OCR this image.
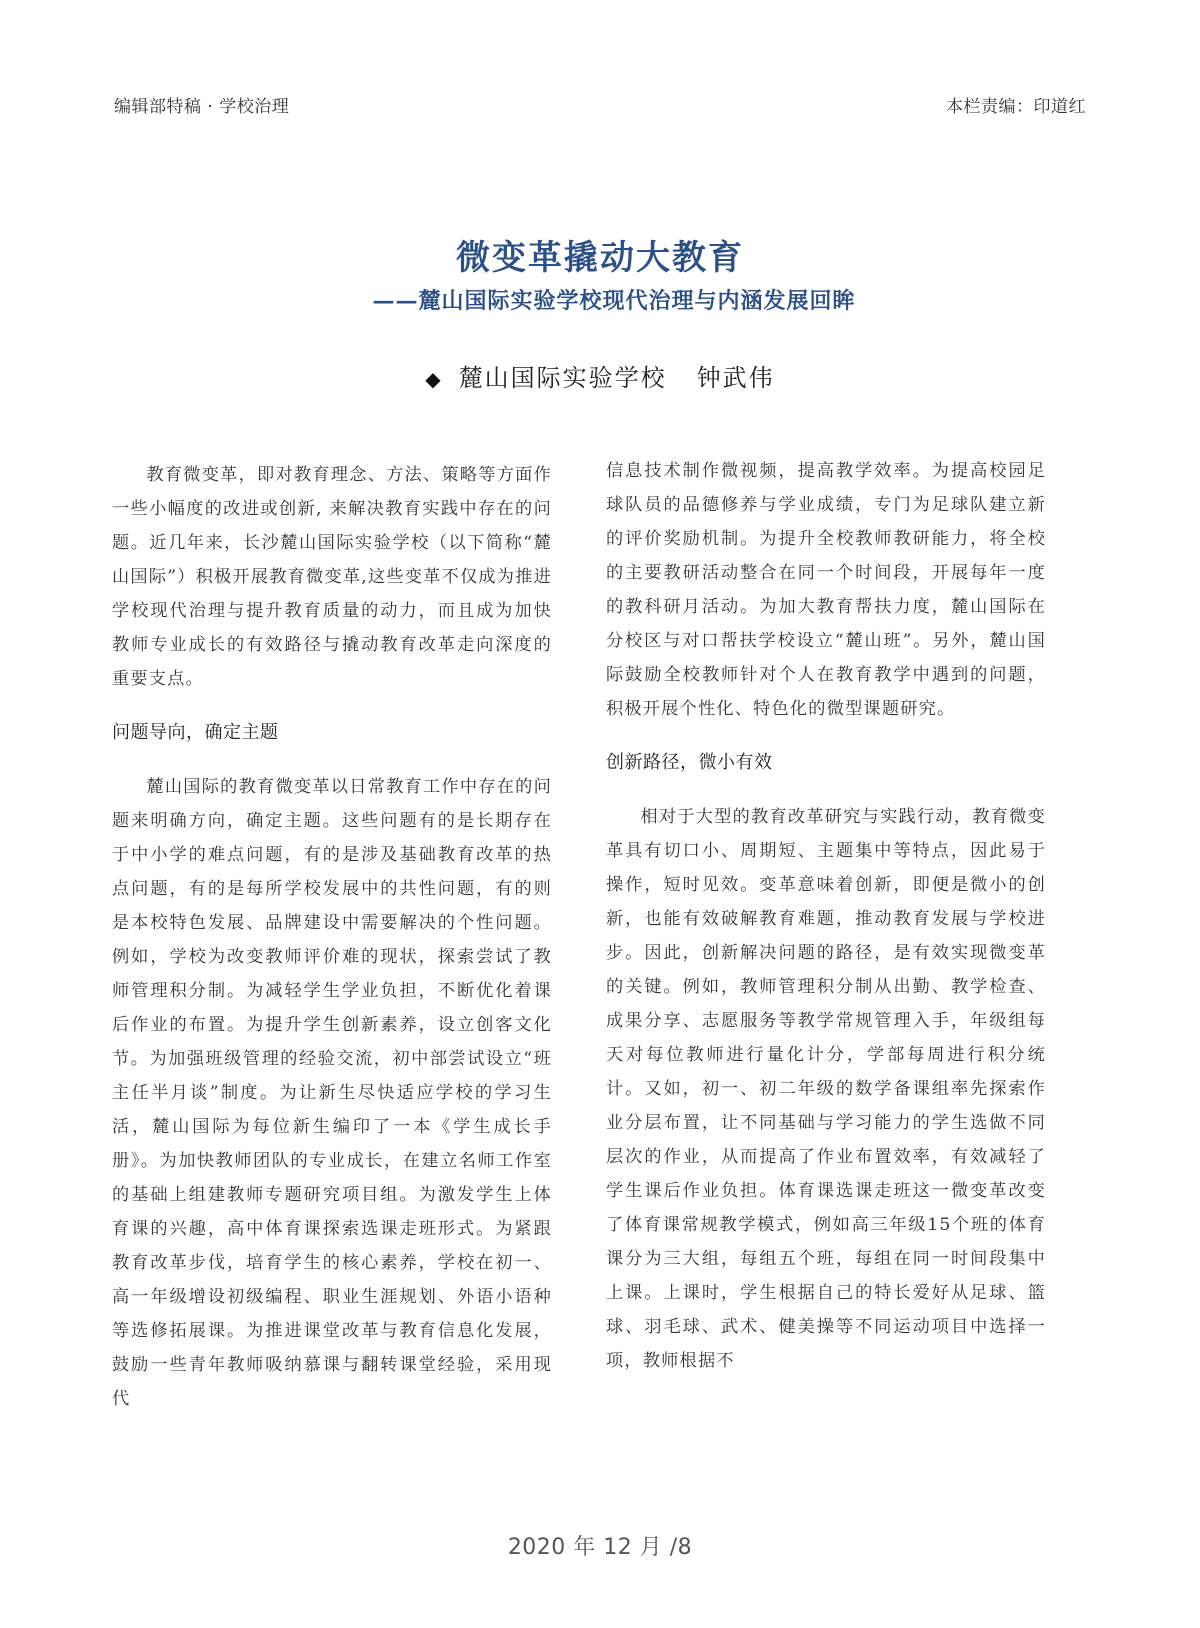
编辑部特稿 · 学校治理	本栏责编：印道红
微变革撬动大教育
——麓山国际实验学校现代治理与内涵发展回眸
◆ 麓山国际实验学校 钟武伟

教育微变革，即对教育理念、方法、策略等方面作一些小幅度的改进或创新, 来解决教育实践中存在的问题。近几年来，长沙麓山国际实验学校（以下简称“麓山国际”）积极开展教育微变革,这些变革不仅成为推进学校现代治理与提升教育质量的动力，而且成为加快教师专业成长的有效路径与撬动教育改革走向深度的重要支点。

问题导向，确定主题

麓山国际的教育微变革以日常教育工作中存在的问题来明确方向，确定主题。这些问题有的是长期存在于中小学的难点问题，有的是涉及基础教育改革的热点问题，有的是每所学校发展中的共性问题，有的则是本校特色发展、品牌建设中需要解决的个性问题。例如，学校为改变教师评价难的现状，探索尝试了教师管理积分制。为减轻学生学业负担，不断优化着课后作业的布置。为提升学生创新素养，设立创客文化节。为加强班级管理的经验交流，初中部尝试设立“班主任半月谈”制度。为让新生尽快适应学校的学习生活，麓山国际为每位新生编印了一本《学生成长手册》。为加快教师团队的专业成长，在建立名师工作室的基础上组建教师专题研究项目组。为激发学生上体育课的兴趣，高中体育课探索选课走班形式。为紧跟教育改革步伐，培育学生的核心素养，学校在初一、高一年级增设初级编程、职业生涯规划、外语小语种等选修拓展课。为推进课堂改革与教育信息化发展，鼓励一些青年教师吸纳慕课与翻转课堂经验，采用现代

信息技术制作微视频，提高教学效率。为提高校园足球队员的品德修养与学业成绩，专门为足球队建立新的评价奖励机制。为提升全校教师教研能力，将全校的主要教研活动整合在同一个时间段，开展每年一度的教科研月活动。为加大教育帮扶力度，麓山国际在分校区与对口帮扶学校设立“麓山班”。另外，麓山国际鼓励全校教师针对个人在教育教学中遇到的问题，积极开展个性化、特色化的微型课题研究。

创新路径，微小有效

相对于大型的教育改革研究与实践行动，教育微变革具有切口小、周期短、主题集中等特点，因此易于操作，短时见效。变革意味着创新，即便是微小的创新，也能有效破解教育难题，推动教育发展与学校进步。因此，创新解决问题的路径，是有效实现微变革的关键。例如，教师管理积分制从出勤、教学检查、成果分享、志愿服务等教学常规管理入手，年级组每天对每位教师进行量化计分，学部每周进行积分统计。又如，初一、初二年级的数学备课组率先探索作业分层布置，让不同基础与学习能力的学生选做不同层次的作业，从而提高了作业布置效率，有效减轻了学生课后作业负担。体育课选课走班这一微变革改变了体育课常规教学模式，例如高三年级15个班的体育课分为三大组，每组五个班，每组在同一时间段集中上课。上课时，学生根据自己的特长爱好从足球、篮球、羽毛球、武术、健美操等不同运动项目中选择一项，教师根据不

2020 年 12 月 /8
